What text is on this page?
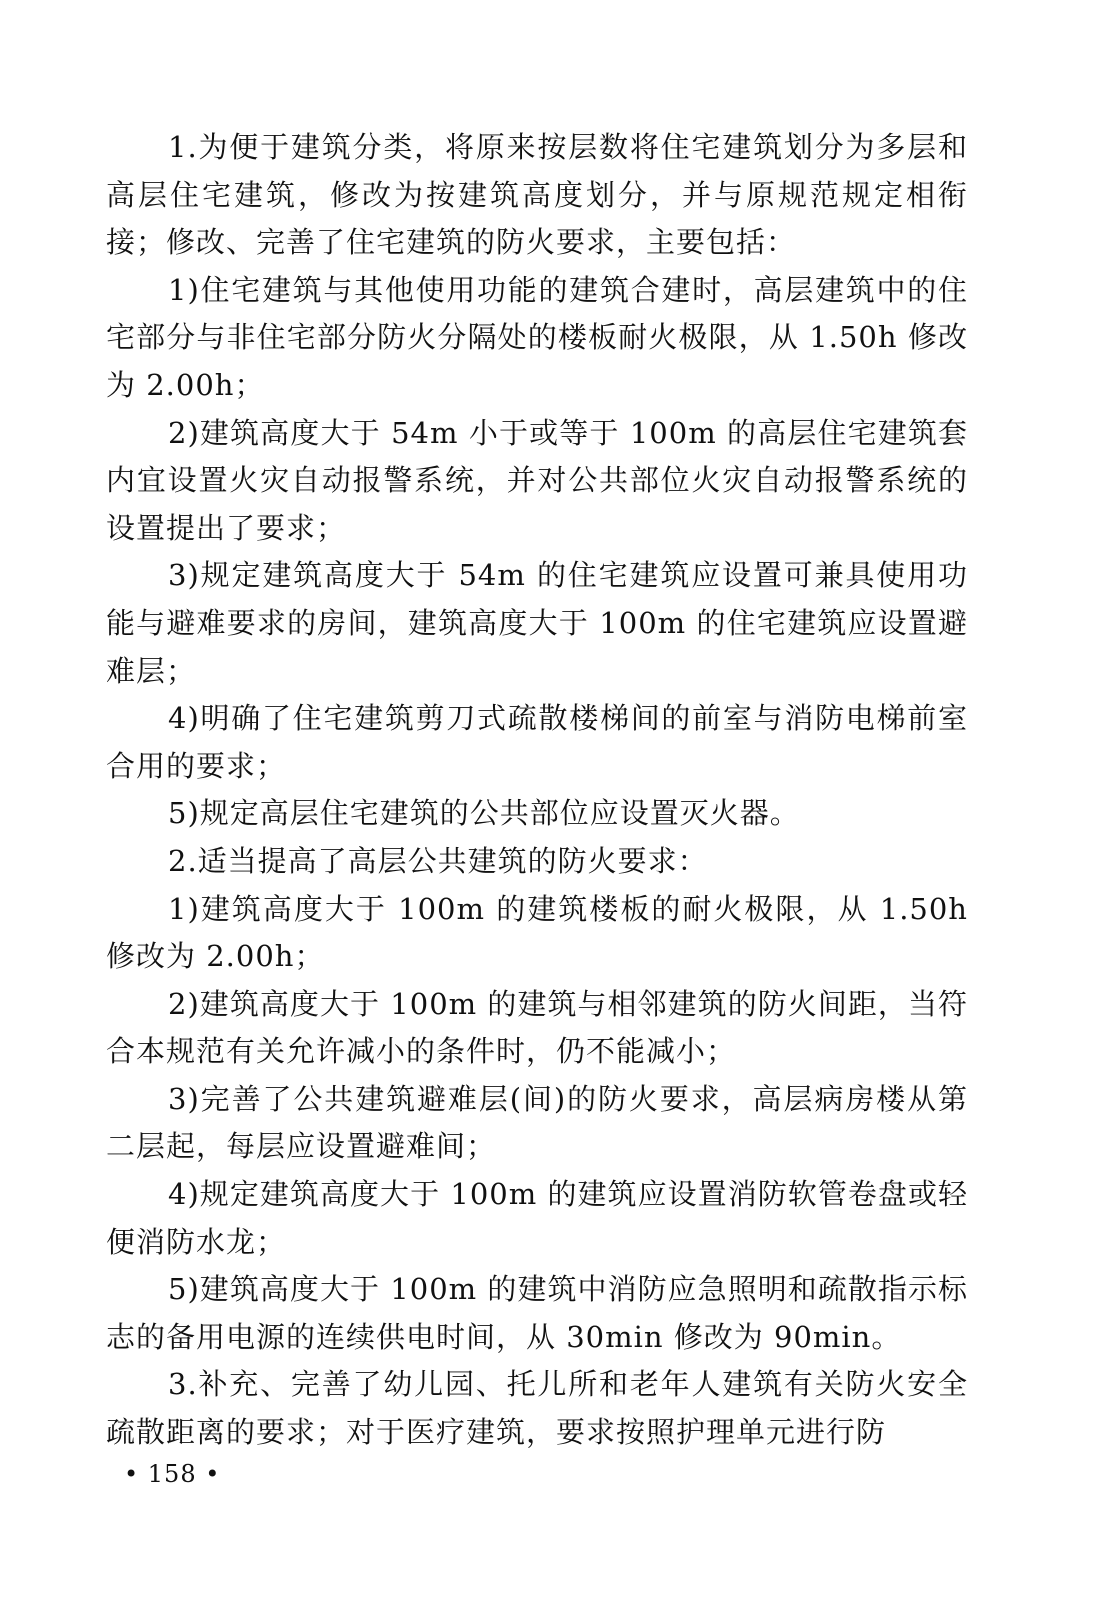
1.为便于建筑分类，将原来按层数将住宅建筑划分为多层和高层住宅建筑，修改为按建筑高度划分，并与原规范规定相衔接；修改、完善了住宅建筑的防火要求，主要包括：

1)住宅建筑与其他使用功能的建筑合建时，高层建筑中的住宅部分与非住宅部分防火分隔处的楼板耐火极限，从 1.50h 修改为 2.00h；

2)建筑高度大于 54m 小于或等于 100m 的高层住宅建筑套内宜设置火灾自动报警系统，并对公共部位火灾自动报警系统的设置提出了要求；

3)规定建筑高度大于 54m 的住宅建筑应设置可兼具使用功能与避难要求的房间，建筑高度大于 100m 的住宅建筑应设置避难层；

4)明确了住宅建筑剪刀式疏散楼梯间的前室与消防电梯前室合用的要求；

5)规定高层住宅建筑的公共部位应设置灭火器。

2.适当提高了高层公共建筑的防火要求：

1)建筑高度大于 100m 的建筑楼板的耐火极限，从 1.50h 修改为 2.00h；

2)建筑高度大于 100m 的建筑与相邻建筑的防火间距，当符合本规范有关允许减小的条件时，仍不能减小；

3)完善了公共建筑避难层(间)的防火要求，高层病房楼从第二层起，每层应设置避难间；

4)规定建筑高度大于 100m 的建筑应设置消防软管卷盘或轻便消防水龙；

5)建筑高度大于 100m 的建筑中消防应急照明和疏散指示标志的备用电源的连续供电时间，从 30min 修改为 90min。

3.补充、完善了幼儿园、托儿所和老年人建筑有关防火安全疏散距离的要求；对于医疗建筑，要求按照护理单元进行防

• 158 •
